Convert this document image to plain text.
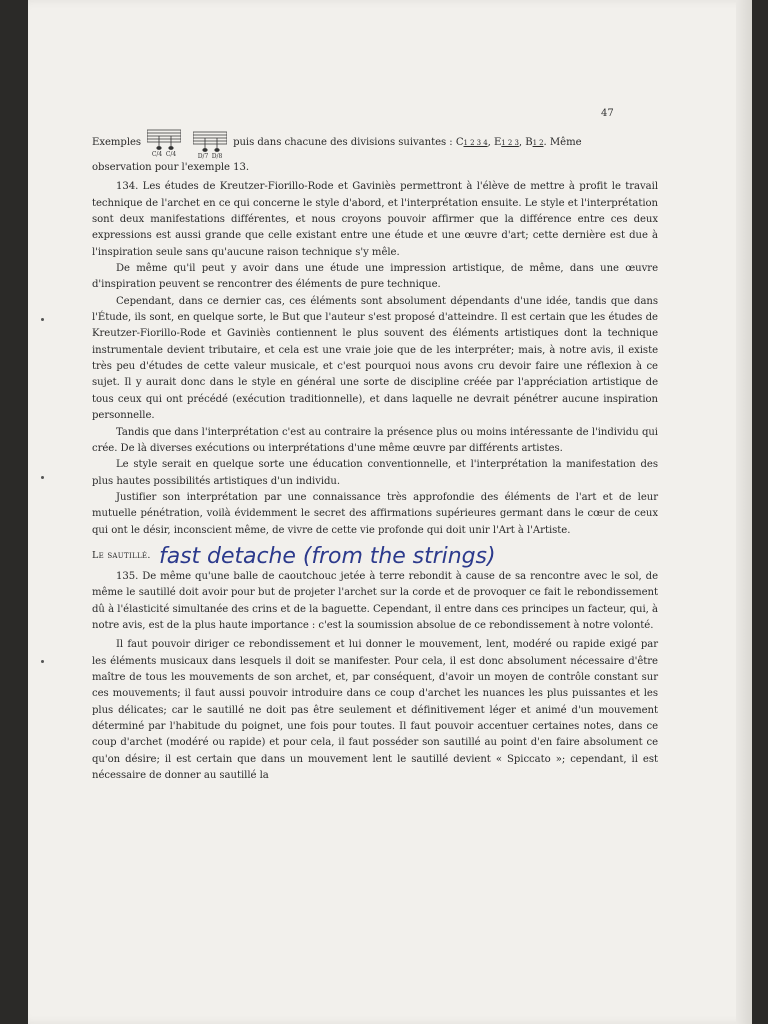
47
Exemples
C/4 C/4	D/7 D/8
puis dans chacune des divisions suivantes : C1 2 3 4, E1 2 3, B1 2. Même

observation pour l'exemple 13.

134. Les études de Kreutzer-Fiorillo-Rode et Gaviniès permettront à l'élève de mettre à profit le travail technique de l'archet en ce qui concerne le style d'abord, et l'interprétation ensuite. Le style et l'interprétation sont deux manifestations différentes, et nous croyons pouvoir affirmer que la différence entre ces deux expressions est aussi grande que celle existant entre une étude et une œuvre d'art; cette dernière est due à l'inspiration seule sans qu'aucune raison technique s'y mêle.

De même qu'il peut y avoir dans une étude une impression artistique, de même, dans une œuvre d'inspiration peuvent se rencontrer des éléments de pure technique.

Cependant, dans ce dernier cas, ces éléments sont absolument dépendants d'une idée, tandis que dans l'Étude, ils sont, en quelque sorte, le But que l'auteur s'est proposé d'atteindre. Il est certain que les études de Kreutzer-Fiorillo-Rode et Gaviniès contiennent le plus souvent des éléments artistiques dont la technique instrumentale devient tributaire, et cela est une vraie joie que de les interpréter; mais, à notre avis, il existe très peu d'études de cette valeur musicale, et c'est pourquoi nous avons cru devoir faire une réflexion à ce sujet. Il y aurait donc dans le style en général une sorte de discipline créée par l'appréciation artistique de tous ceux qui ont précédé (exécution traditionnelle), et dans laquelle ne devrait pénétrer aucune inspiration personnelle.

Tandis que dans l'interprétation c'est au contraire la présence plus ou moins intéressante de l'individu qui crée. De là diverses exécutions ou interprétations d'une même œuvre par différents artistes.

Le style serait en quelque sorte une éducation conventionnelle, et l'interprétation la manifestation des plus hautes possibilités artistiques d'un individu.

Justifier son interprétation par une connaissance très approfondie des éléments de l'art et de leur mutuelle pénétration, voilà évidemment le secret des affirmations supérieures germant dans le cœur de ceux qui ont le désir, inconscient même, de vivre de cette vie profonde qui doit unir l'Art à l'Artiste.

Le sautillé. fast detache (from the strings)

135. De même qu'une balle de caoutchouc jetée à terre rebondit à cause de sa rencontre avec le sol, de même le sautillé doit avoir pour but de projeter l'archet sur la corde et de provoquer ce fait le rebondissement dû à l'élasticité simultanée des crins et de la baguette. Cependant, il entre dans ces principes un facteur, qui, à notre avis, est de la plus haute importance : c'est la soumission absolue de ce rebondissement à notre volonté.

Il faut pouvoir diriger ce rebondissement et lui donner le mouvement, lent, modéré ou rapide exigé par les éléments musicaux dans lesquels il doit se manifester. Pour cela, il est donc absolument nécessaire d'être maître de tous les mouvements de son archet, et, par conséquent, d'avoir un moyen de contrôle constant sur ces mouvements; il faut aussi pouvoir introduire dans ce coup d'archet les nuances les plus puissantes et les plus délicates; car le sautillé ne doit pas être seulement et définitivement léger et animé d'un mouvement déterminé par l'habitude du poignet, une fois pour toutes. Il faut pouvoir accentuer certaines notes, dans ce coup d'archet (modéré ou rapide) et pour cela, il faut posséder son sautillé au point d'en faire absolument ce qu'on désire; il est certain que dans un mouvement lent le sautillé devient « Spiccato »; cependant, il est nécessaire de donner au sautillé la
